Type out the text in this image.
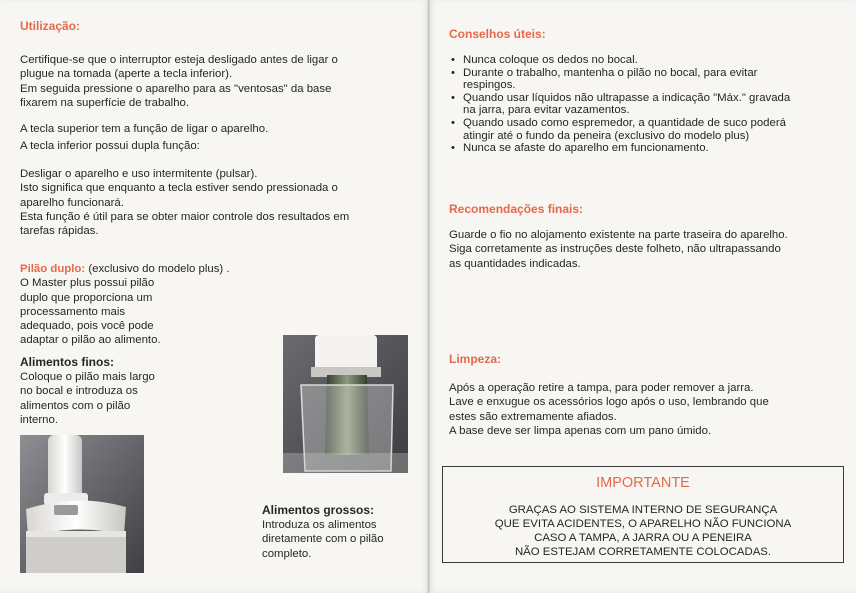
Utilização:

Certifique-se que o interruptor esteja desligado antes de ligar o
plugue na tomada (aperte a tecla inferior).
Em seguida pressione o aparelho para as "ventosas" da base
fixarem na superfície de trabalho.

A tecla superior tem a função de ligar o aparelho.

A tecla inferior possui dupla função:

Desligar o aparelho e uso intermitente (pulsar).
Isto significa que enquanto a tecla estiver sendo pressionada o
aparelho funcionará.
Esta função é útil para se obter maior controle dos resultados em
tarefas rápidas.
Pilão duplo: (exclusivo do modelo plus) .
O Master plus possui pilão
duplo que proporciona um
processamento mais
adequado, pois você pode
adaptar o pilão ao alimento.

Alimentos finos:

Coloque o pilão mais largo
no bocal e introduza os
alimentos com o pilão
interno.

Alimentos grossos:

Introduza os alimentos
diretamente com o pilão
completo.

Conselhos úteis:

• Nunca coloque os dedos no bocal.
• Durante o trabalho, mantenha o pilão no bocal, para evitar
respingos.
• Quando usar líquidos não ultrapasse a indicação "Máx." gravada
na jarra, para evitar vazamentos.
• Quando usado como espremedor, a quantidade de suco poderá
atingir até o fundo da peneira (exclusivo do modelo plus)
• Nunca se afaste do aparelho em funcionamento.

Recomendações finais:

Guarde o fio no alojamento existente na parte traseira do aparelho.
Siga corretamente as instruções deste folheto, não ultrapassando
as quantidades indicadas.

Limpeza:

Após a operação retire a tampa, para poder remover a jarra.
Lave e enxugue os acessórios logo após o uso, lembrando que
estes são extremamente afiados.
A base deve ser limpa apenas com um pano úmido.

IMPORTANTE

GRAÇAS AO SISTEMA INTERNO DE SEGURANÇA

QUE EVITA ACIDENTES, O APARELHO NÃO FUNCIONA

CASO A TAMPA, A JARRA OU A PENEIRA

NÃO ESTEJAM CORRETAMENTE COLOCADAS.
